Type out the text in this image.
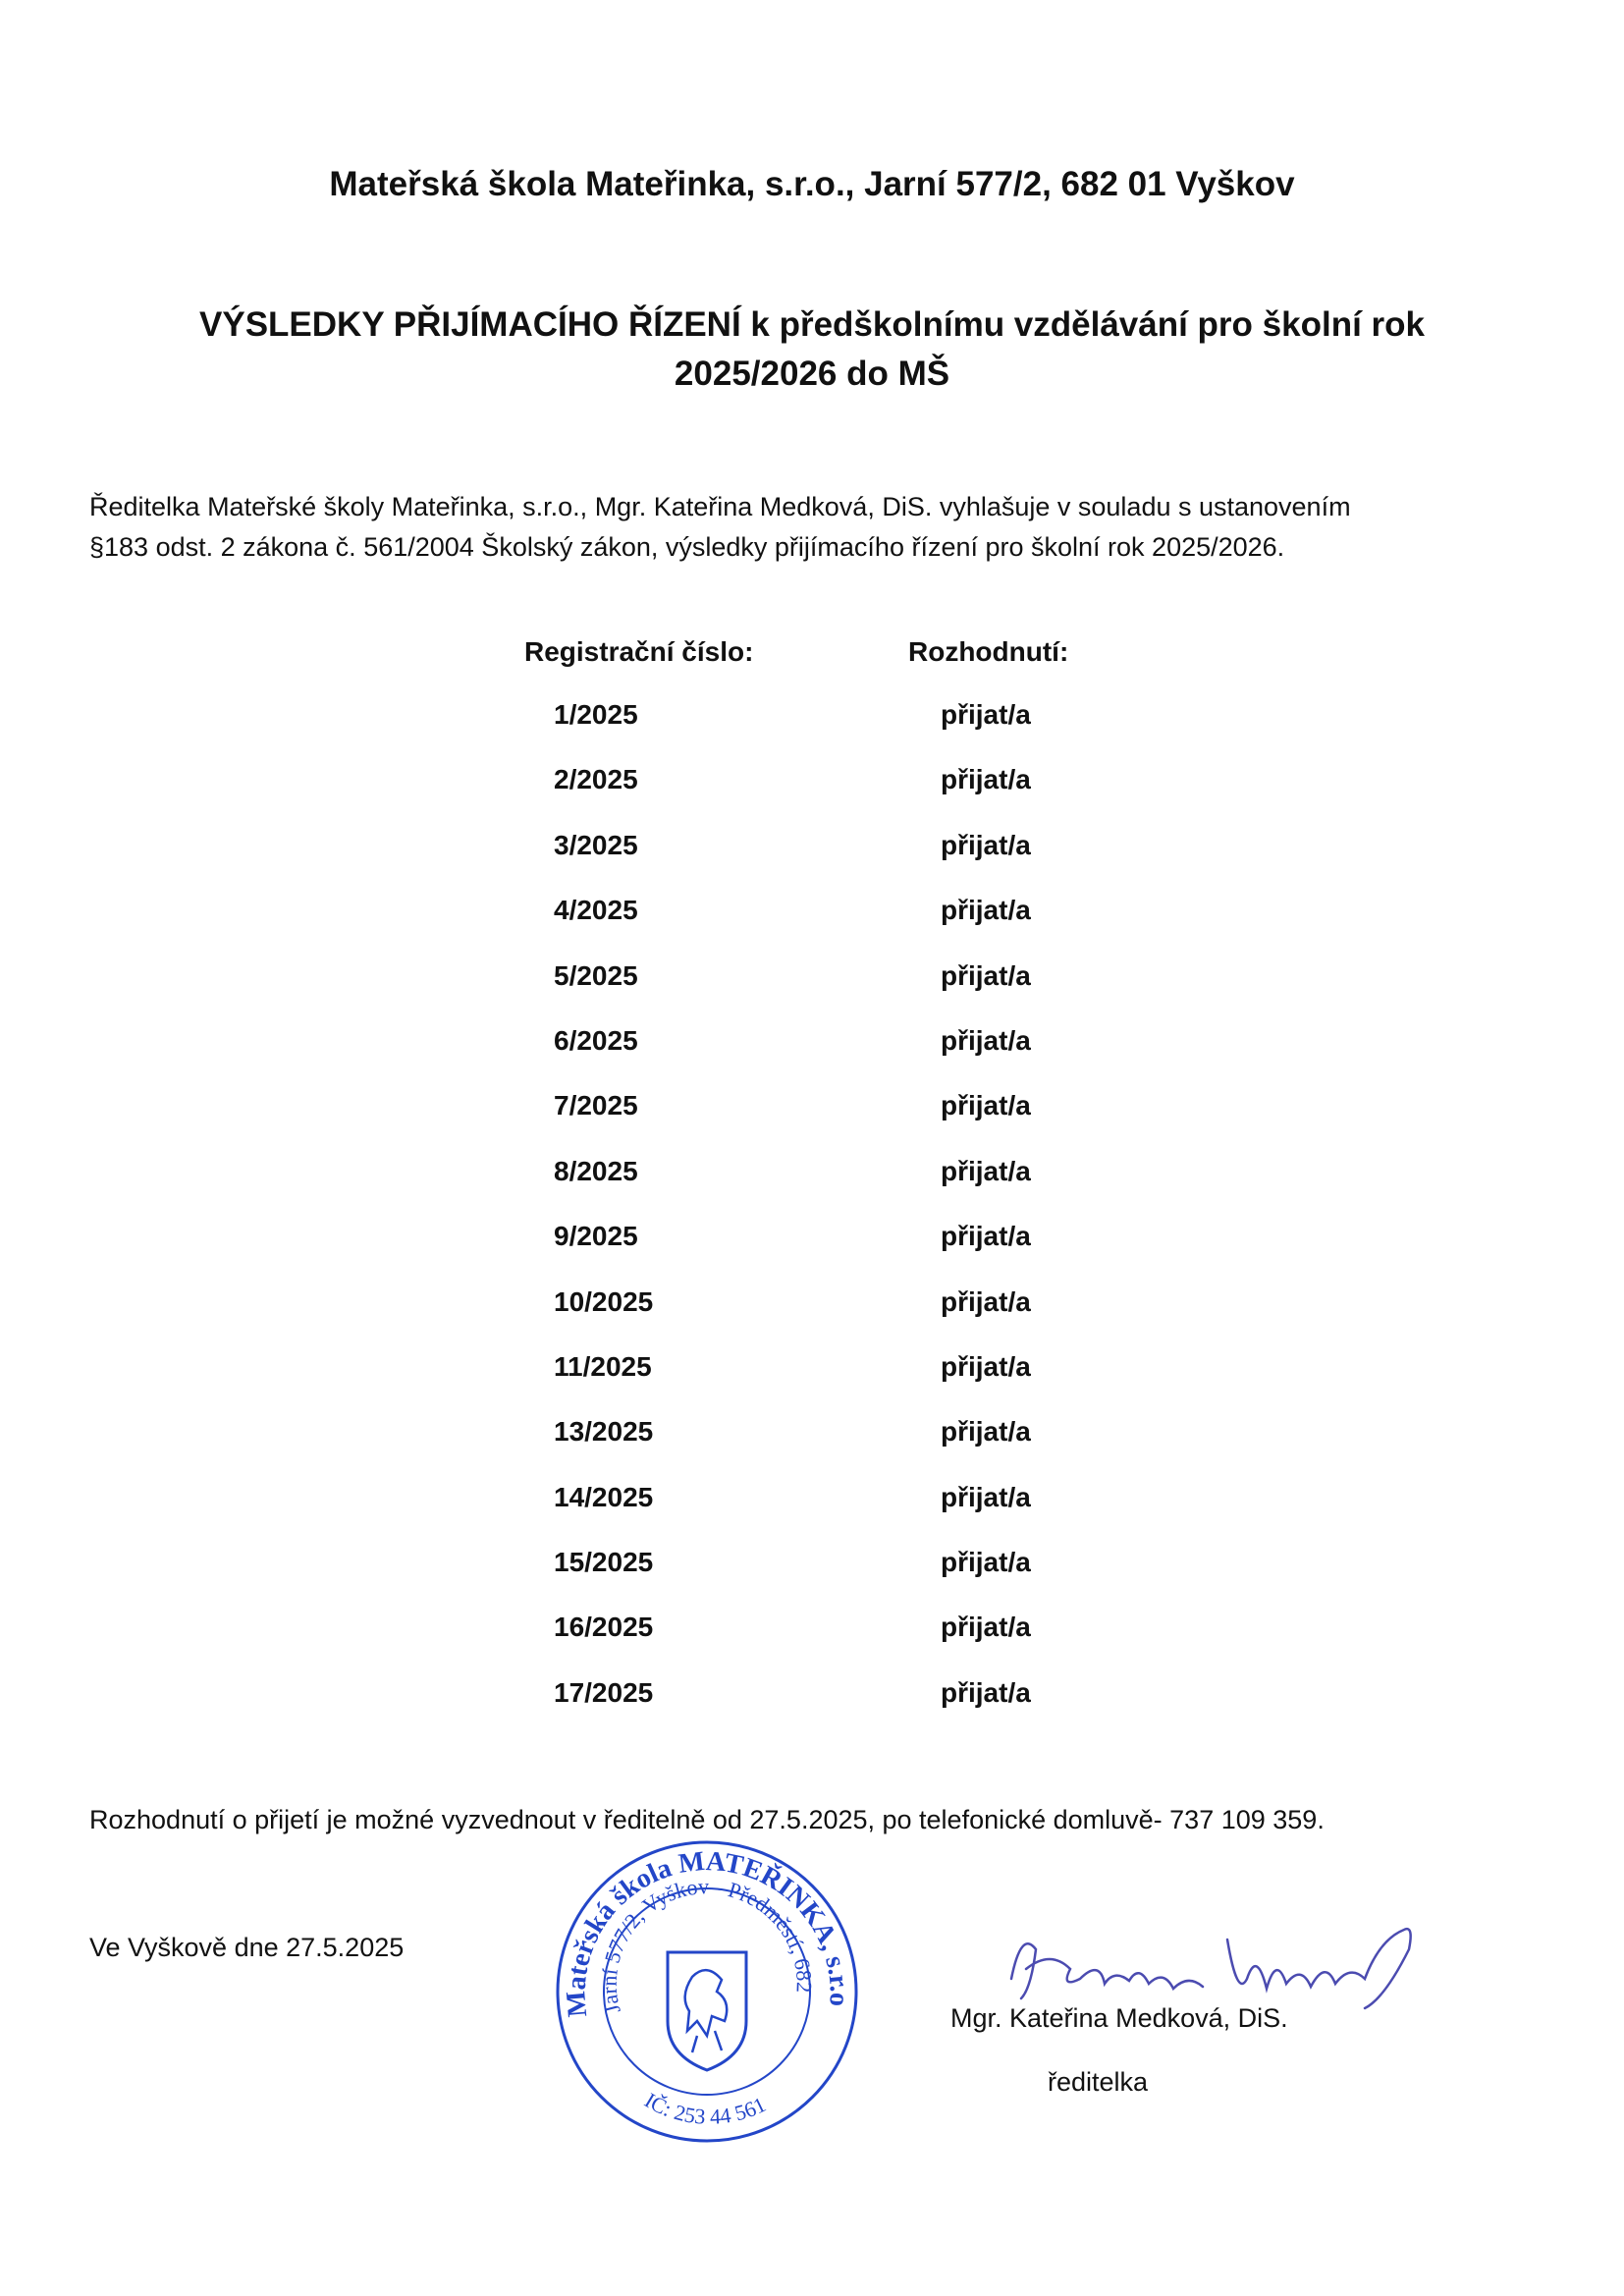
Mateřská škola Mateřinka, s.r.o., Jarní 577/2, 682 01 Vyškov
VÝSLEDKY PŘIJÍMACÍHO ŘÍZENÍ k předškolnímu vzdělávání pro školní rok
2025/2026 do MŠ
Ředitelka Mateřské školy Mateřinka, s.r.o., Mgr. Kateřina Medková, DiS. vyhlašuje v souladu s ustanovením
§183 odst. 2 zákona č. 561/2004 Školský zákon, výsledky přijímacího řízení pro školní rok 2025/2026.
Registrační číslo:	Rozhodnutí:
1/2025	přijat/a
2/2025	přijat/a
3/2025	přijat/a
4/2025	přijat/a
5/2025	přijat/a
6/2025	přijat/a
7/2025	přijat/a
8/2025	přijat/a
9/2025	přijat/a
10/2025	přijat/a
11/2025	přijat/a
13/2025	přijat/a
14/2025	přijat/a
15/2025	přijat/a
16/2025	přijat/a
17/2025	přijat/a
Rozhodnutí o přijetí je možné vyzvednout v ředitelně od 27.5.2025, po telefonické domluvě- 737 109 359.
Ve Vyškově dne 27.5.2025
Mateřská škola MATEŘINKA, s.r.o
Jarní 577/2, Vyškov - Předměstí, 682
IČ: 253 44 561
Mgr. Kateřina Medková, DiS.
ředitelka
